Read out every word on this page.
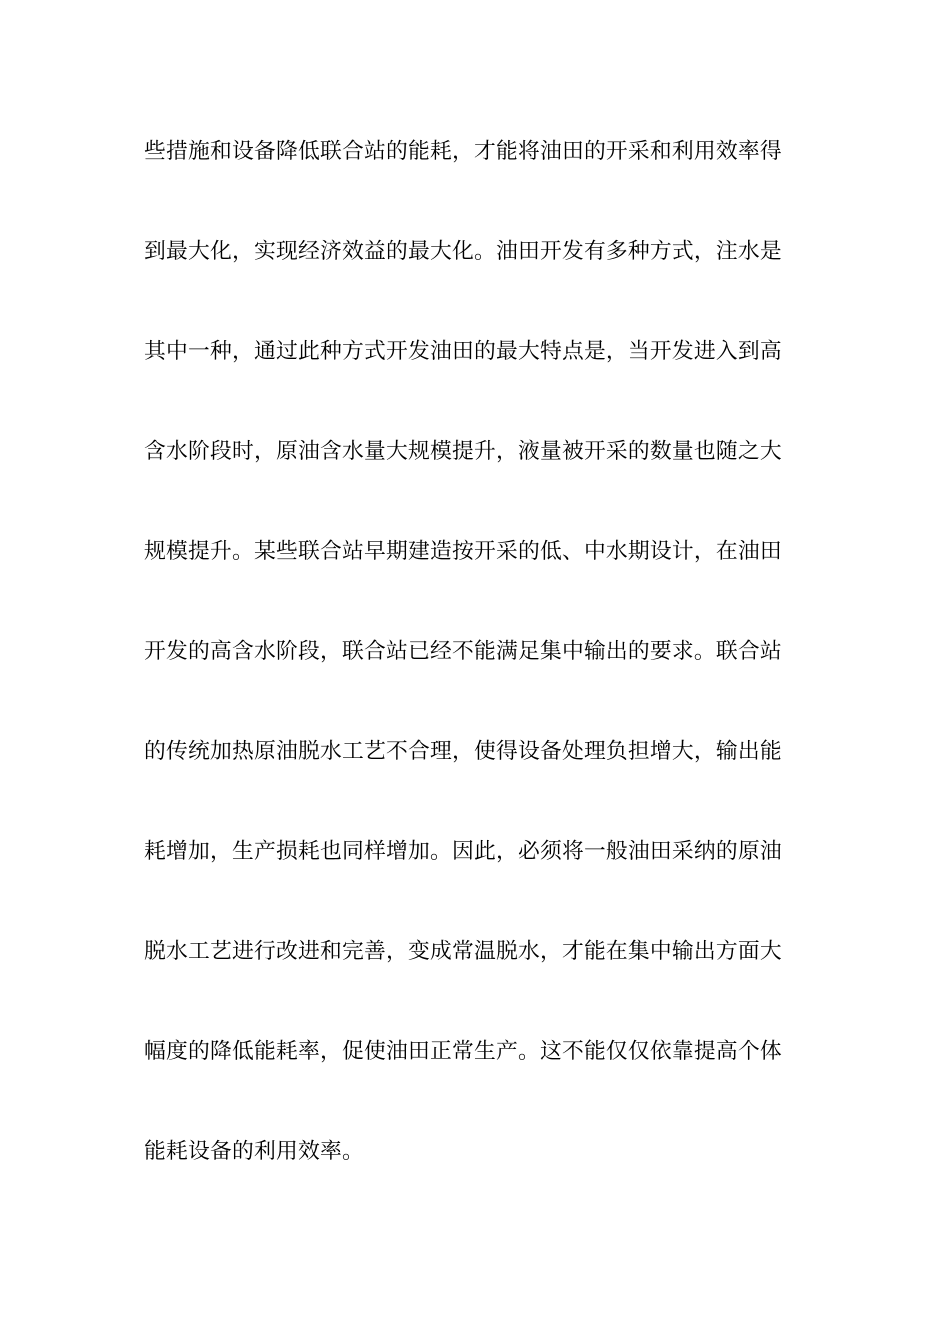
些措施和设备降低联合站的能耗，才能将油田的开采和利用效率得
到最大化，实现经济效益的最大化。油田开发有多种方式，注水是
其中一种，通过此种方式开发油田的最大特点是，当开发进入到高
含水阶段时，原油含水量大规模提升，液量被开采的数量也随之大
规模提升。某些联合站早期建造按开采的低、中水期设计，在油田
开发的高含水阶段，联合站已经不能满足集中输出的要求。联合站
的传统加热原油脱水工艺不合理，使得设备处理负担增大，输出能
耗增加，生产损耗也同样增加。因此，必须将一般油田采纳的原油
脱水工艺进行改进和完善，变成常温脱水，才能在集中输出方面大
幅度的降低能耗率，促使油田正常生产。这不能仅仅依靠提高个体
能耗设备的利用效率。
